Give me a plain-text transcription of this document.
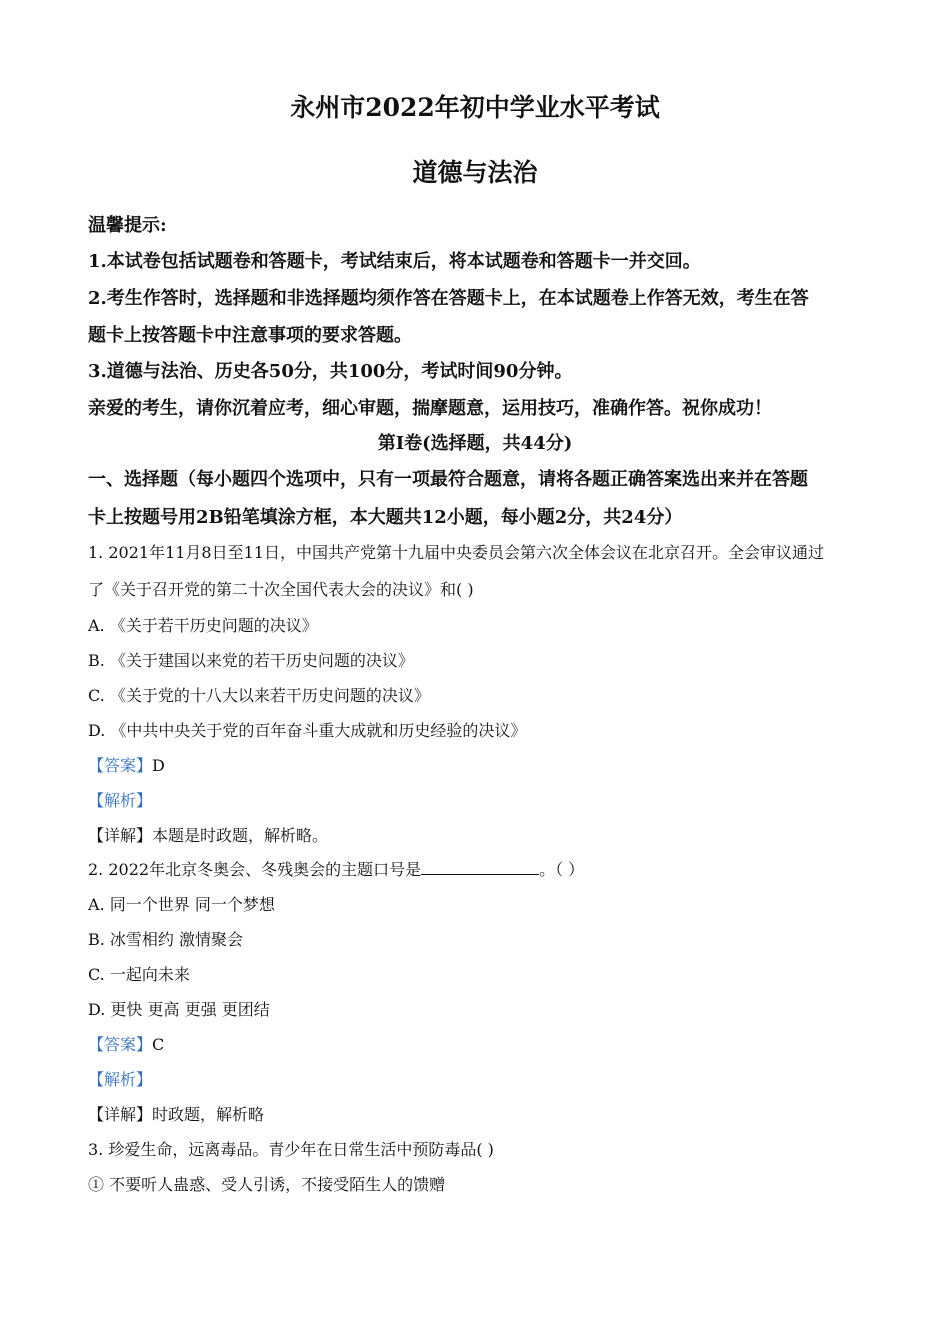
永州市2022年初中学业水平考试
道德与法治
温馨提示:
1.本试卷包括试题卷和答题卡，考试结束后，将本试题卷和答题卡一并交回。
2.考生作答时，选择题和非选择题均须作答在答题卡上，在本试题卷上作答无效，考生在答
题卡上按答题卡中注意事项的要求答题。
3.道德与法治、历史各50分，共100分，考试时间90分钟。
亲爱的考生，请你沉着应考，细心审题，揣摩题意，运用技巧，准确作答。祝你成功！
第Ⅰ卷(选择题，共44分)
一、选择题（每小题四个选项中，只有一项最符合题意，请将各题正确答案选出来并在答题
卡上按题号用2B铅笔填涂方框，本大题共12小题，每小题2分，共24分）
1. 2021年11月8日至11日，中国共产党第十九届中央委员会第六次全体会议在北京召开。全会审议通过
了《关于召开党的第二十次全国代表大会的决议》和( )
A. 《关于若干历史问题的决议》
B. 《关于建国以来党的若干历史问题的决议》
C. 《关于党的十八大以来若干历史问题的决议》
D. 《中共中央关于党的百年奋斗重大成就和历史经验的决议》
【答案】D
【解析】
【详解】本题是时政题，解析略。
2. 2022年北京冬奥会、冬残奥会的主题口号是	。（ ）
A. 同一个世界 同一个梦想
B. 冰雪相约 激情聚会
C. 一起向未来
D. 更快 更高 更强 更团结
【答案】C
【解析】
【详解】时政题，解析略
3. 珍爱生命，远离毒品。青少年在日常生活中预防毒品( )
① 不要听人蛊惑、受人引诱，不接受陌生人的馈赠
